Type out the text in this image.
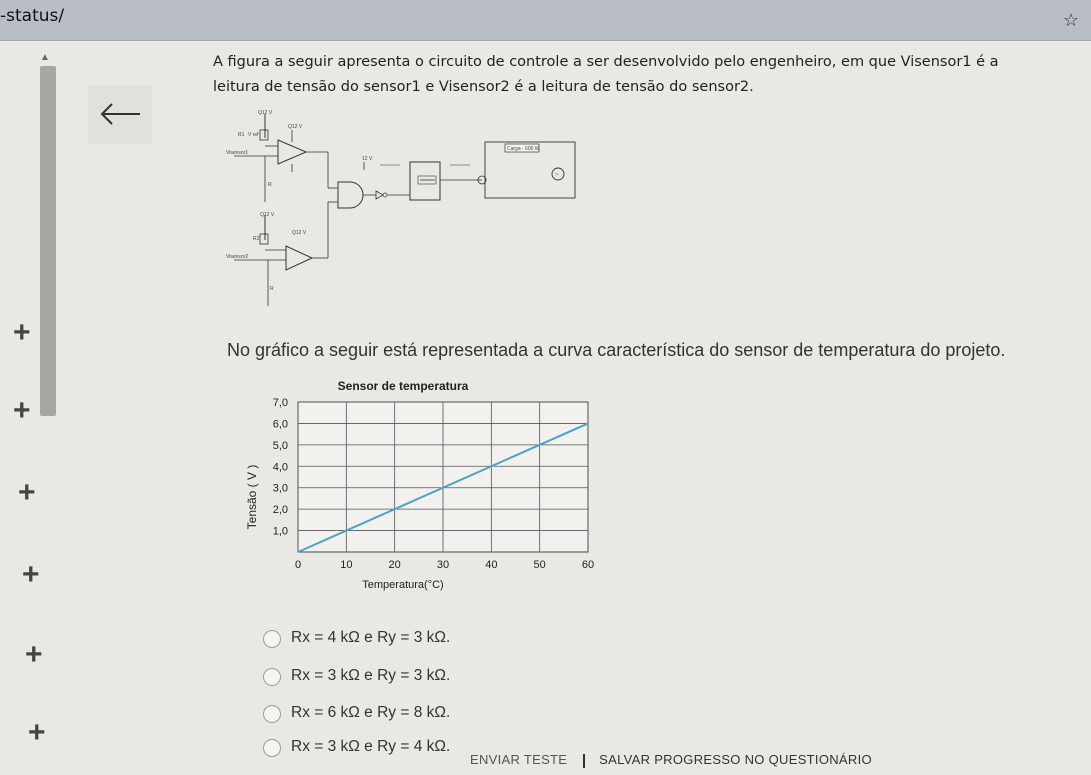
-status/	☆
▲
+
+
+
+
+
+
A figura a seguir apresenta o circuito de controle a ser desenvolvido pelo engenheiro, em que Visensor1 é a leitura de tensão do sensor1 e Visensor2 é a leitura de tensão do sensor2.
Q12 V
R1 V ref
Q12 V
Visensor1
R
12 V
Carga - 600 W
~
Q12 V
R2
Q12 V
Visensor2
R
No gráfico a seguir está representada a curva característica do sensor de temperatura do projeto.
0	10	20	30	40	50	60
1,0
2,0
3,0
4,0
5,0
6,0
7,0
Sensor de temperatura
Temperatura(°C)
Tensão ( V )
Rx = 4 kΩ e Ry = 3 kΩ.
Rx = 3 kΩ e Ry = 3 kΩ.
Rx = 6 kΩ e Ry = 8 kΩ.
Rx = 3 kΩ e Ry = 4 kΩ.
ENVIAR TESTE SALVAR PROGRESSO NO QUESTIONÁRIO
